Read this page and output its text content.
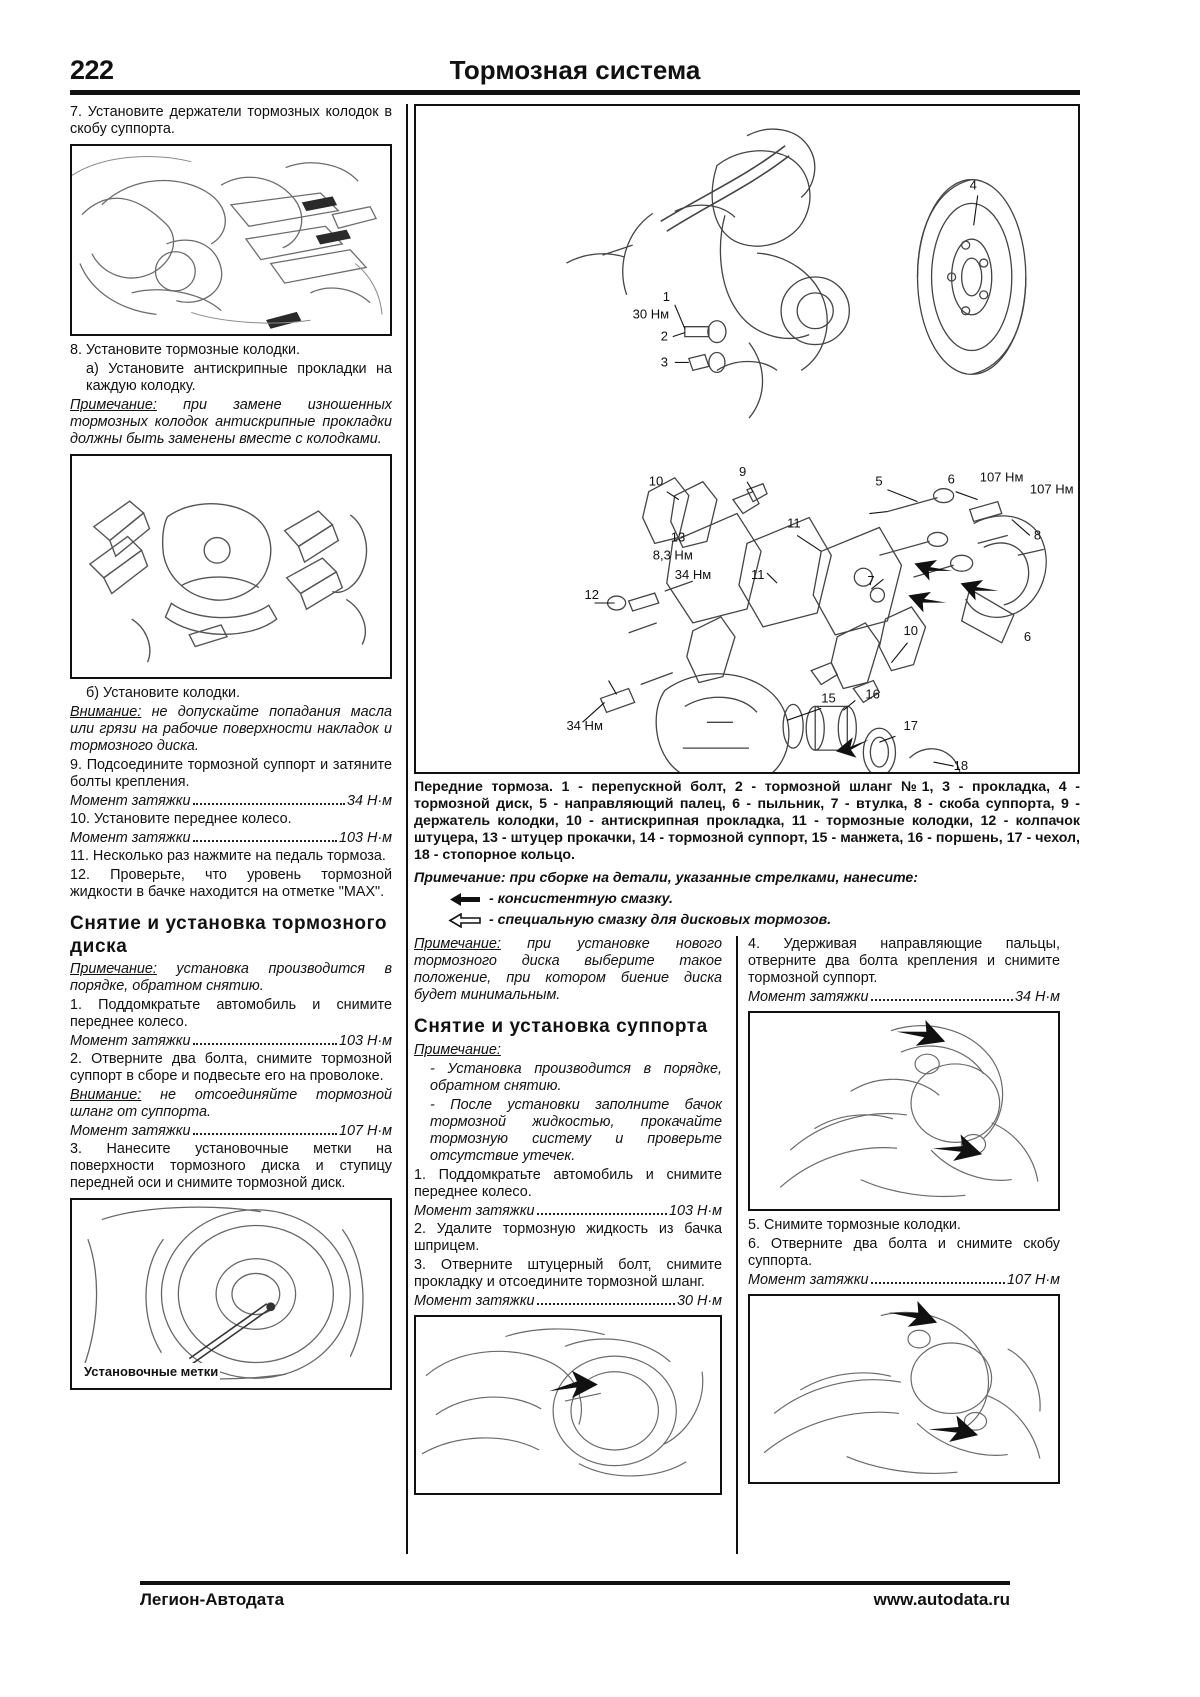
222	Тормозная система

7. Установите держатели тормозных колодок в скобу суппорта.

8. Установите тормозные колодки.

а) Установите антискрипные прокладки на каждую колодку.

Примечание: при замене изношенных тормозных колодок антискрипные прокладки должны быть заменены вместе с колодками.

б) Установите колодки.

Внимание: не допускайте попадания масла или грязи на рабочие поверхности накладок и тормозного диска.

9. Подсоедините тормозной суппорт и затяните болты крепления.

Момент затяжки	34 Н·м

10. Установите переднее колесо.

Момент затяжки	103 Н·м

11. Несколько раз нажмите на педаль тормоза.

12. Проверьте, что уровень тормозной жидкости в бачке находится на отметке "MAX".

Снятие и установка тормозного диска

Примечание: установка производится в порядке, обратном снятию.

1. Поддомкратьте автомобиль и снимите переднее колесо.

Момент затяжки	103 Н·м

2. Отверните два болта, снимите тормозной суппорт в сборе и подвесьте его на проволоке.

Внимание: не отсоединяйте тормозной шланг от суппорта.

Момент затяжки	107 Н·м

3. Нанесите установочные метки на поверхности тормозного диска и ступицу передней оси и снимите тормозной диск.

Установочные метки
1
30 Нм
2
3
4
10
9
5	6 107 Нм
107 Нм
8
7
6
11
11
10
13
8,3 Нм
12
34 Нм
34 Нм
15 16
17
18
Передние тормоза. 1 - перепускной болт, 2 - тормозной шланг №1, 3 - прокладка, 4 - тормозной диск, 5 - направляющий палец, 6 - пыльник, 7 - втулка, 8 - скоба суппорта, 9 - держатель колодки, 10 - антискрипная прокладка, 11 - тормозные колодки, 12 - колпачок штуцера, 13 - штуцер прокачки, 14 - тормозной суппорт, 15 - манжета, 16 - поршень, 17 - чехол, 18 - стопорное кольцо.
Примечание: при сборке на детали, указанные стрелками, нанесите:
- консистентную смазку.
- специальную смазку для дисковых тормозов.

Примечание: при установке нового тормозного диска выберите такое положение, при котором биение диска будет минимальным.

Снятие и установка суппорта

Примечание:

- Установка производится в порядке, обратном снятию.

- После установки заполните бачок тормозной жидкостью, прокачайте тормозную систему и проверьте отсутствие утечек.

1. Поддомкратьте автомобиль и снимите переднее колесо.

Момент затяжки	103 Н·м

2. Удалите тормозную жидкость из бачка шприцем.

3. Отверните штуцерный болт, снимите прокладку и отсоедините тормозной шланг.

Момент затяжки	30 Н·м

4. Удерживая направляющие пальцы, отверните два болта крепления и снимите тормозной суппорт.

Момент затяжки	34 Н·м

5. Снимите тормозные колодки.

6. Отверните два болта и снимите скобу суппорта.

Момент затяжки	107 Н·м
Легион-Автодата	www.autodata.ru
